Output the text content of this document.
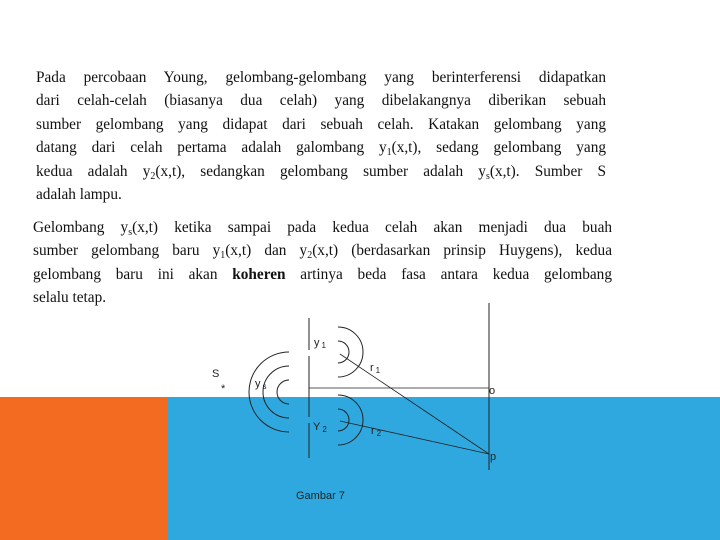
Pada percobaan Young, gelombang-gelombang yang berinterferensi didapatkan
dari celah-celah (biasanya dua celah) yang dibelakangnya diberikan sebuah
sumber gelombang yang didapat dari sebuah celah. Katakan gelombang yang
datang dari celah pertama adalah galombang $y_1(x,t)$, sedang gelombang yang
kedua adalah $y_2(x,t)$, sedangkan gelombang sumber adalah $y_s(x,t)$. Sumber S
adalah lampu.

Gelombang $y_s(x,t)$ ketika sampai pada kedua celah akan menjadi dua buah
sumber gelombang baru $y_1(x,t)$ dan $y_2(x,t)$ (berdasarkan prinsip Huygens), kedua
gelombang baru ini akan koheren artinya beda fasa antara kedua gelombang
selalu tetap.

y 1
S
*	y s
r 1
o
Y 2	r 2
p
Gambar 7
